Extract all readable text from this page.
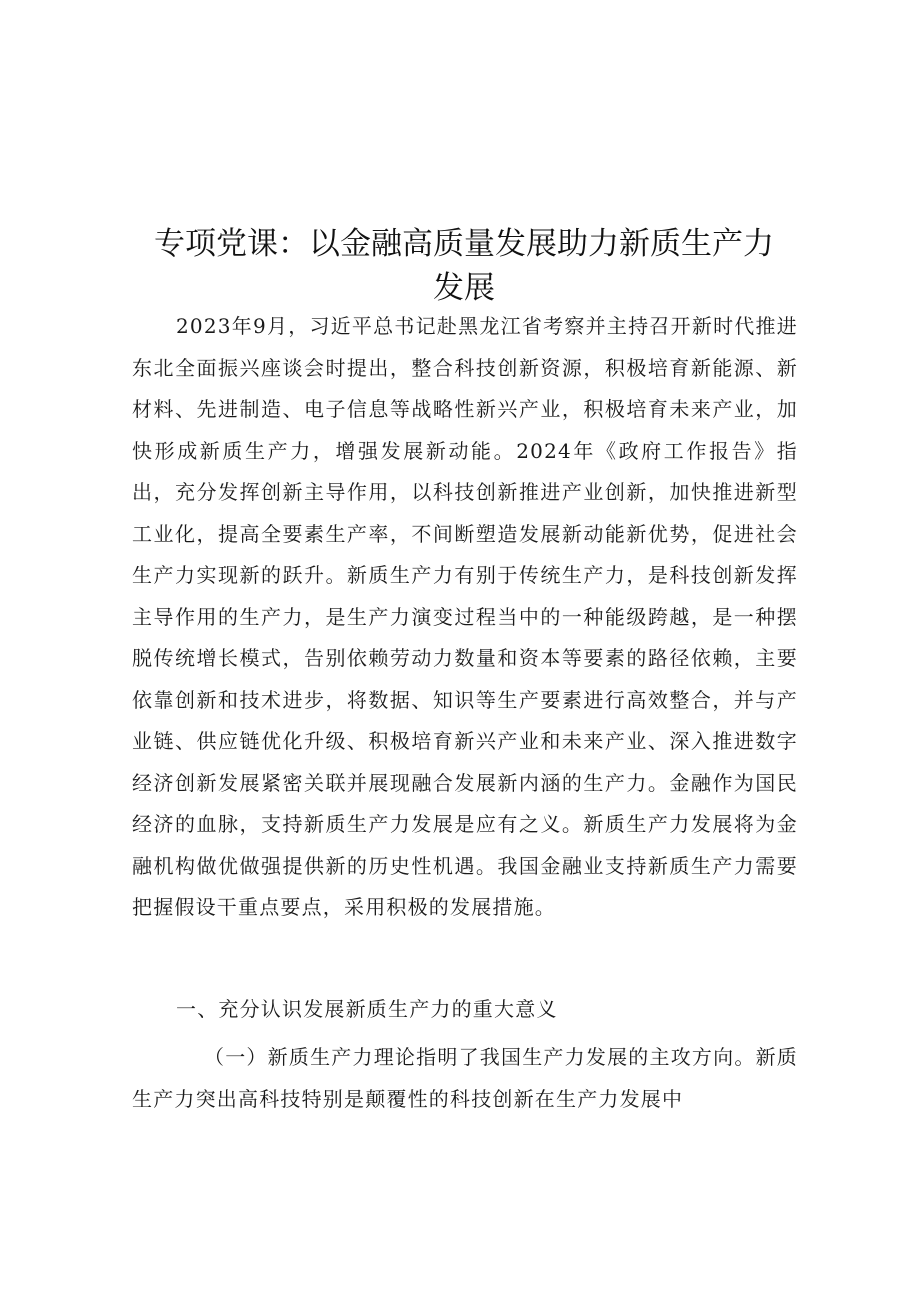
专项党课：以金融高质量发展助力新质生产力
发展

2023年9月，习近平总书记赴黑龙江省考察并主持召开新时代推进东北全面振兴座谈会时提出，整合科技创新资源，积极培育新能源、新材料、先进制造、电子信息等战略性新兴产业，积极培育未来产业，加快形成新质生产力，增强发展新动能。2024年《政府工作报告》指出，充分发挥创新主导作用，以科技创新推进产业创新，加快推进新型工业化，提高全要素生产率，不间断塑造发展新动能新优势，促进社会生产力实现新的跃升。新质生产力有别于传统生产力，是科技创新发挥主导作用的生产力，是生产力演变过程当中的一种能级跨越，是一种摆脱传统增长模式，告别依赖劳动力数量和资本等要素的路径依赖，主要依靠创新和技术进步，将数据、知识等生产要素进行高效整合，并与产业链、供应链优化升级、积极培育新兴产业和未来产业、深入推进数字经济创新发展紧密关联并展现融合发展新内涵的生产力。金融作为国民经济的血脉，支持新质生产力发展是应有之义。新质生产力发展将为金融机构做优做强提供新的历史性机遇。我国金融业支持新质生产力需要把握假设干重点要点，采用积极的发展措施。

一、充分认识发展新质生产力的重大意义

（一）新质生产力理论指明了我国生产力发展的主攻方向。新质生产力突出高科技特别是颠覆性的科技创新在生产力发展中
